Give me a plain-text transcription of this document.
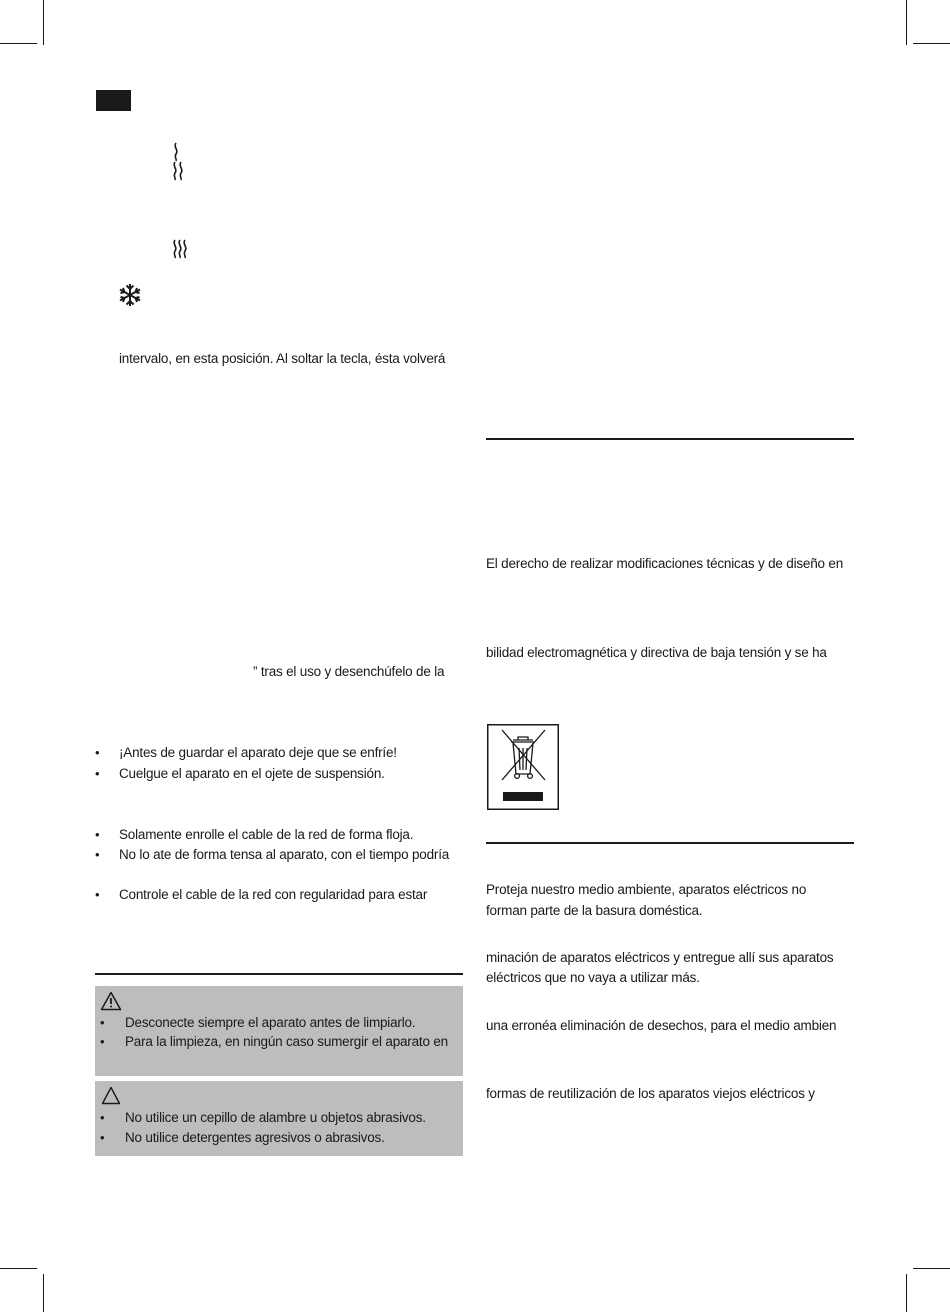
intervalo, en esta posición. Al soltar la tecla, ésta volverá
” tras el uso y desenchúfelo de la
• ¡Antes de guardar el aparato deje que se enfríe!
• Cuelgue el aparato en el ojete de suspensión.
• Solamente enrolle el cable de la red de forma floja.
• No lo ate de forma tensa al aparato, con el tiempo podría
• Controle el cable de la red con regularidad para estar
• Desconecte siempre el aparato antes de limpiarlo.
• Para la limpieza, en ningún caso sumergir el aparato en
• No utilice un cepillo de alambre u objetos abrasivos.
• No utilice detergentes agresivos o abrasivos.
El derecho de realizar modificaciones técnicas y de diseño en
bilidad electromagnética y directiva de baja tensión y se ha
Proteja nuestro medio ambiente, aparatos eléctricos no
forman parte de la basura doméstica.
minación de aparatos eléctricos y entregue allí sus aparatos
eléctricos que no vaya a utilizar más.
una erronéa eliminación de desechos, para el medio ambien
formas de reutilización de los aparatos viejos eléctricos y
